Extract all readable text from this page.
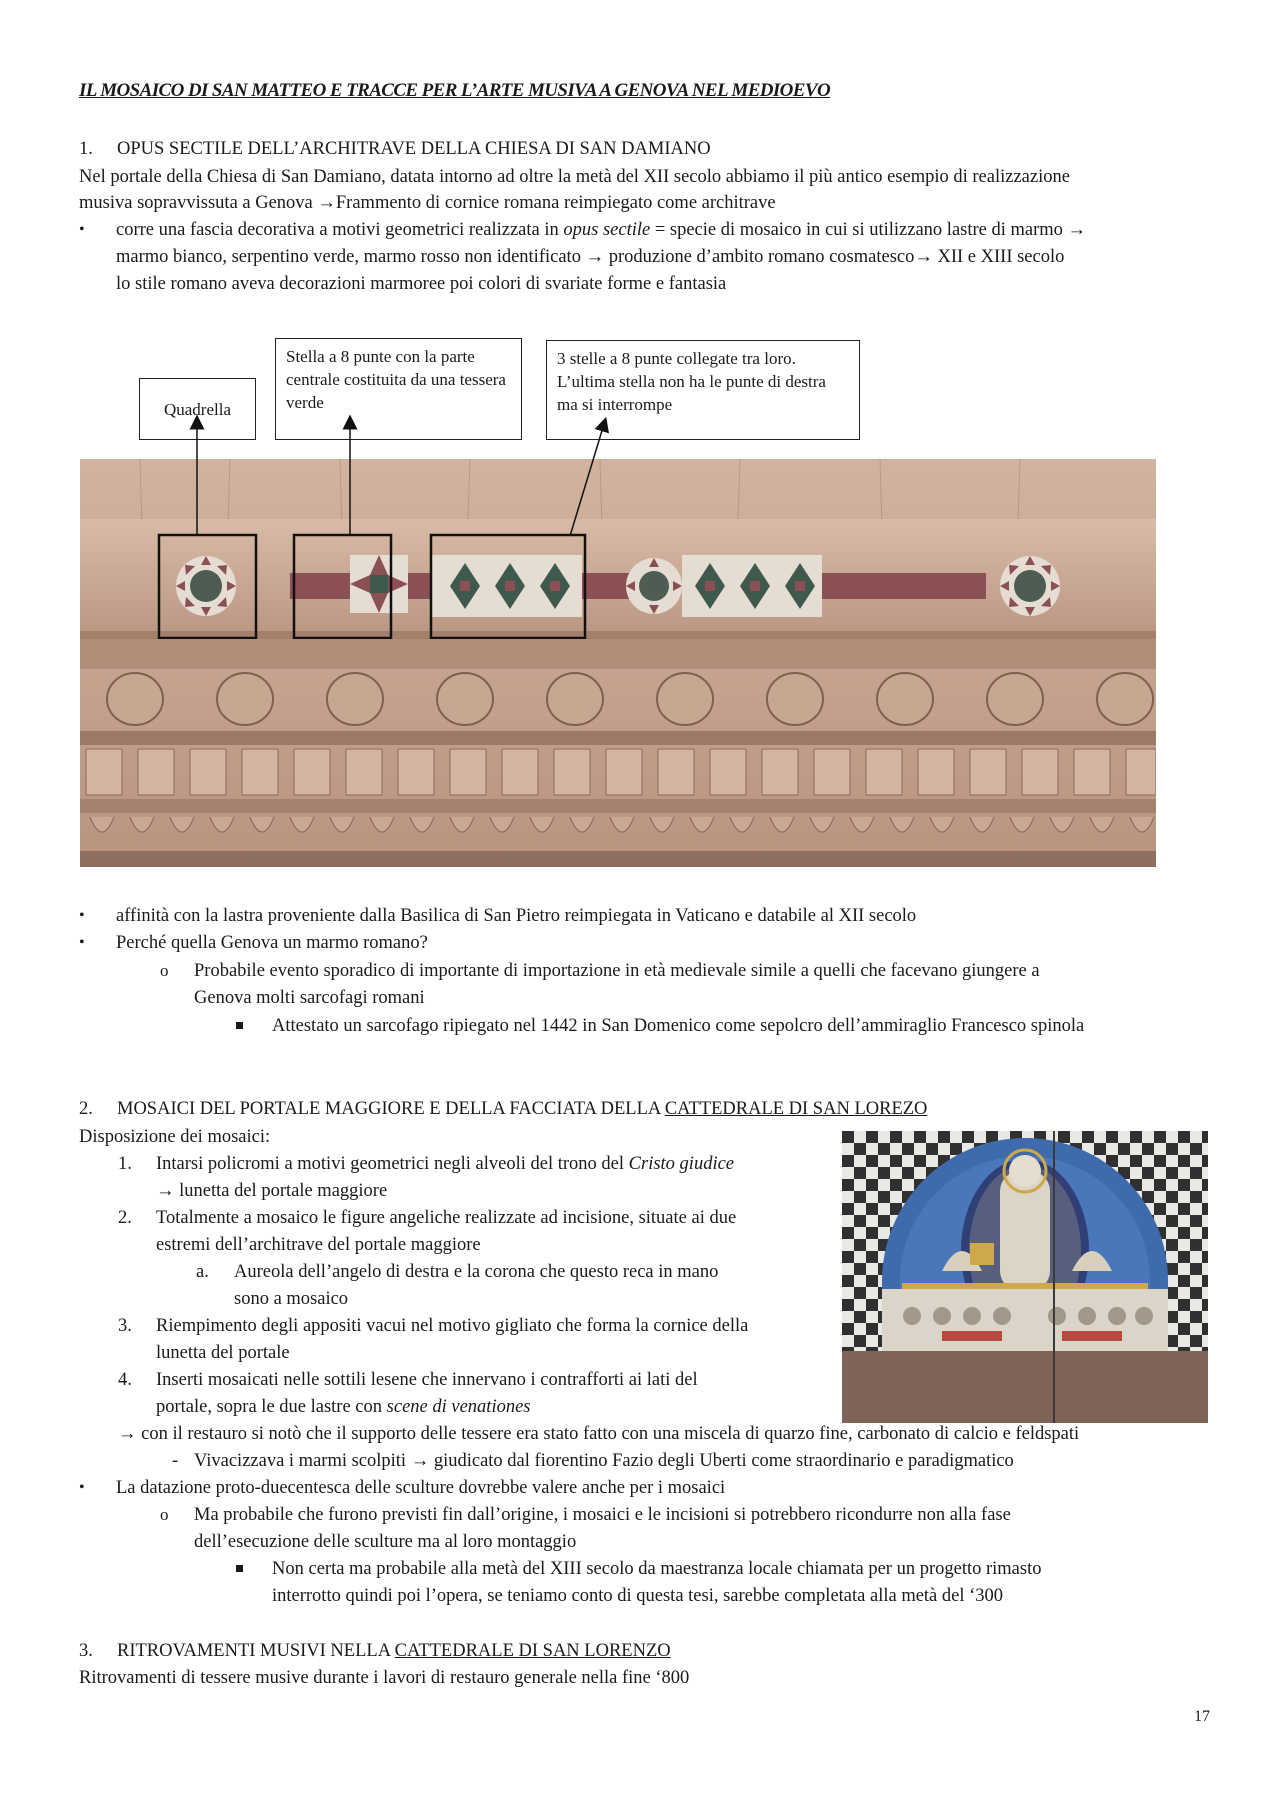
IL MOSAICO DI SAN MATTEO E TRACCE PER L’ARTE MUSIVA A GENOVA NEL MEDIOEVO
1. OPUS SECTILE DELL’ARCHITRAVE DELLA CHIESA DI SAN DAMIANO
Nel portale della Chiesa di San Damiano, datata intorno ad oltre la metà del XII secolo abbiamo il più antico esempio di realizzazione
musiva sopravvissuta a Genova →Frammento di cornice romana reimpiegato come architrave
• corre una fascia decorativa a motivi geometrici realizzata in opus sectile = specie di mosaico in cui si utilizzano lastre di marmo →
marmo bianco, serpentino verde, marmo rosso non identificato → produzione d’ambito romano cosmatesco→ XII e XIII secolo
lo stile romano aveva decorazioni marmoree poi colori di svariate forme e fantasia
Quadrella
Stella a 8 punte con la parte centrale costituita da una tessera verde
3 stelle a 8 punte collegate tra loro. L’ultima stella non ha le punte di destra ma si interrompe
• affinità con la lastra proveniente dalla Basilica di San Pietro reimpiegata in Vaticano e databile al XII secolo
• Perché quella Genova un marmo romano?
o Probabile evento sporadico di importante di importazione in età medievale simile a quelli che facevano giungere a
Genova molti sarcofagi romani
Attestato un sarcofago ripiegato nel 1442 in San Domenico come sepolcro dell’ammiraglio Francesco spinola
2. MOSAICI DEL PORTALE MAGGIORE E DELLA FACCIATA DELLA CATTEDRALE DI SAN LOREZO
Disposizione dei mosaici:
1. Intarsi policromi a motivi geometrici negli alveoli del trono del Cristo giudice
→ lunetta del portale maggiore
2. Totalmente a mosaico le figure angeliche realizzate ad incisione, situate ai due
estremi dell’architrave del portale maggiore
a. Aureola dell’angelo di destra e la corona che questo reca in mano
sono a mosaico
3. Riempimento degli appositi vacui nel motivo gigliato che forma la cornice della
lunetta del portale
4. Inserti mosaicati nelle sottili lesene che innervano i contrafforti ai lati del
portale, sopra le due lastre con scene di venationes
→ con il restauro si notò che il supporto delle tessere era stato fatto con una miscela di quarzo fine, carbonato di calcio e feldspati
- Vivacizzava i marmi scolpiti → giudicato dal fiorentino Fazio degli Uberti come straordinario e paradigmatico
• La datazione proto-duecentesca delle sculture dovrebbe valere anche per i mosaici
o Ma probabile che furono previsti fin dall’origine, i mosaici e le incisioni si potrebbero ricondurre non alla fase
dell’esecuzione delle sculture ma al loro montaggio
Non certa ma probabile alla metà del XIII secolo da maestranza locale chiamata per un progetto rimasto
interrotto quindi poi l’opera, se teniamo conto di questa tesi, sarebbe completata alla metà del ‘300
3. RITROVAMENTI MUSIVI NELLA CATTEDRALE DI SAN LORENZO
Ritrovamenti di tessere musive durante i lavori di restauro generale nella fine ‘800
17
